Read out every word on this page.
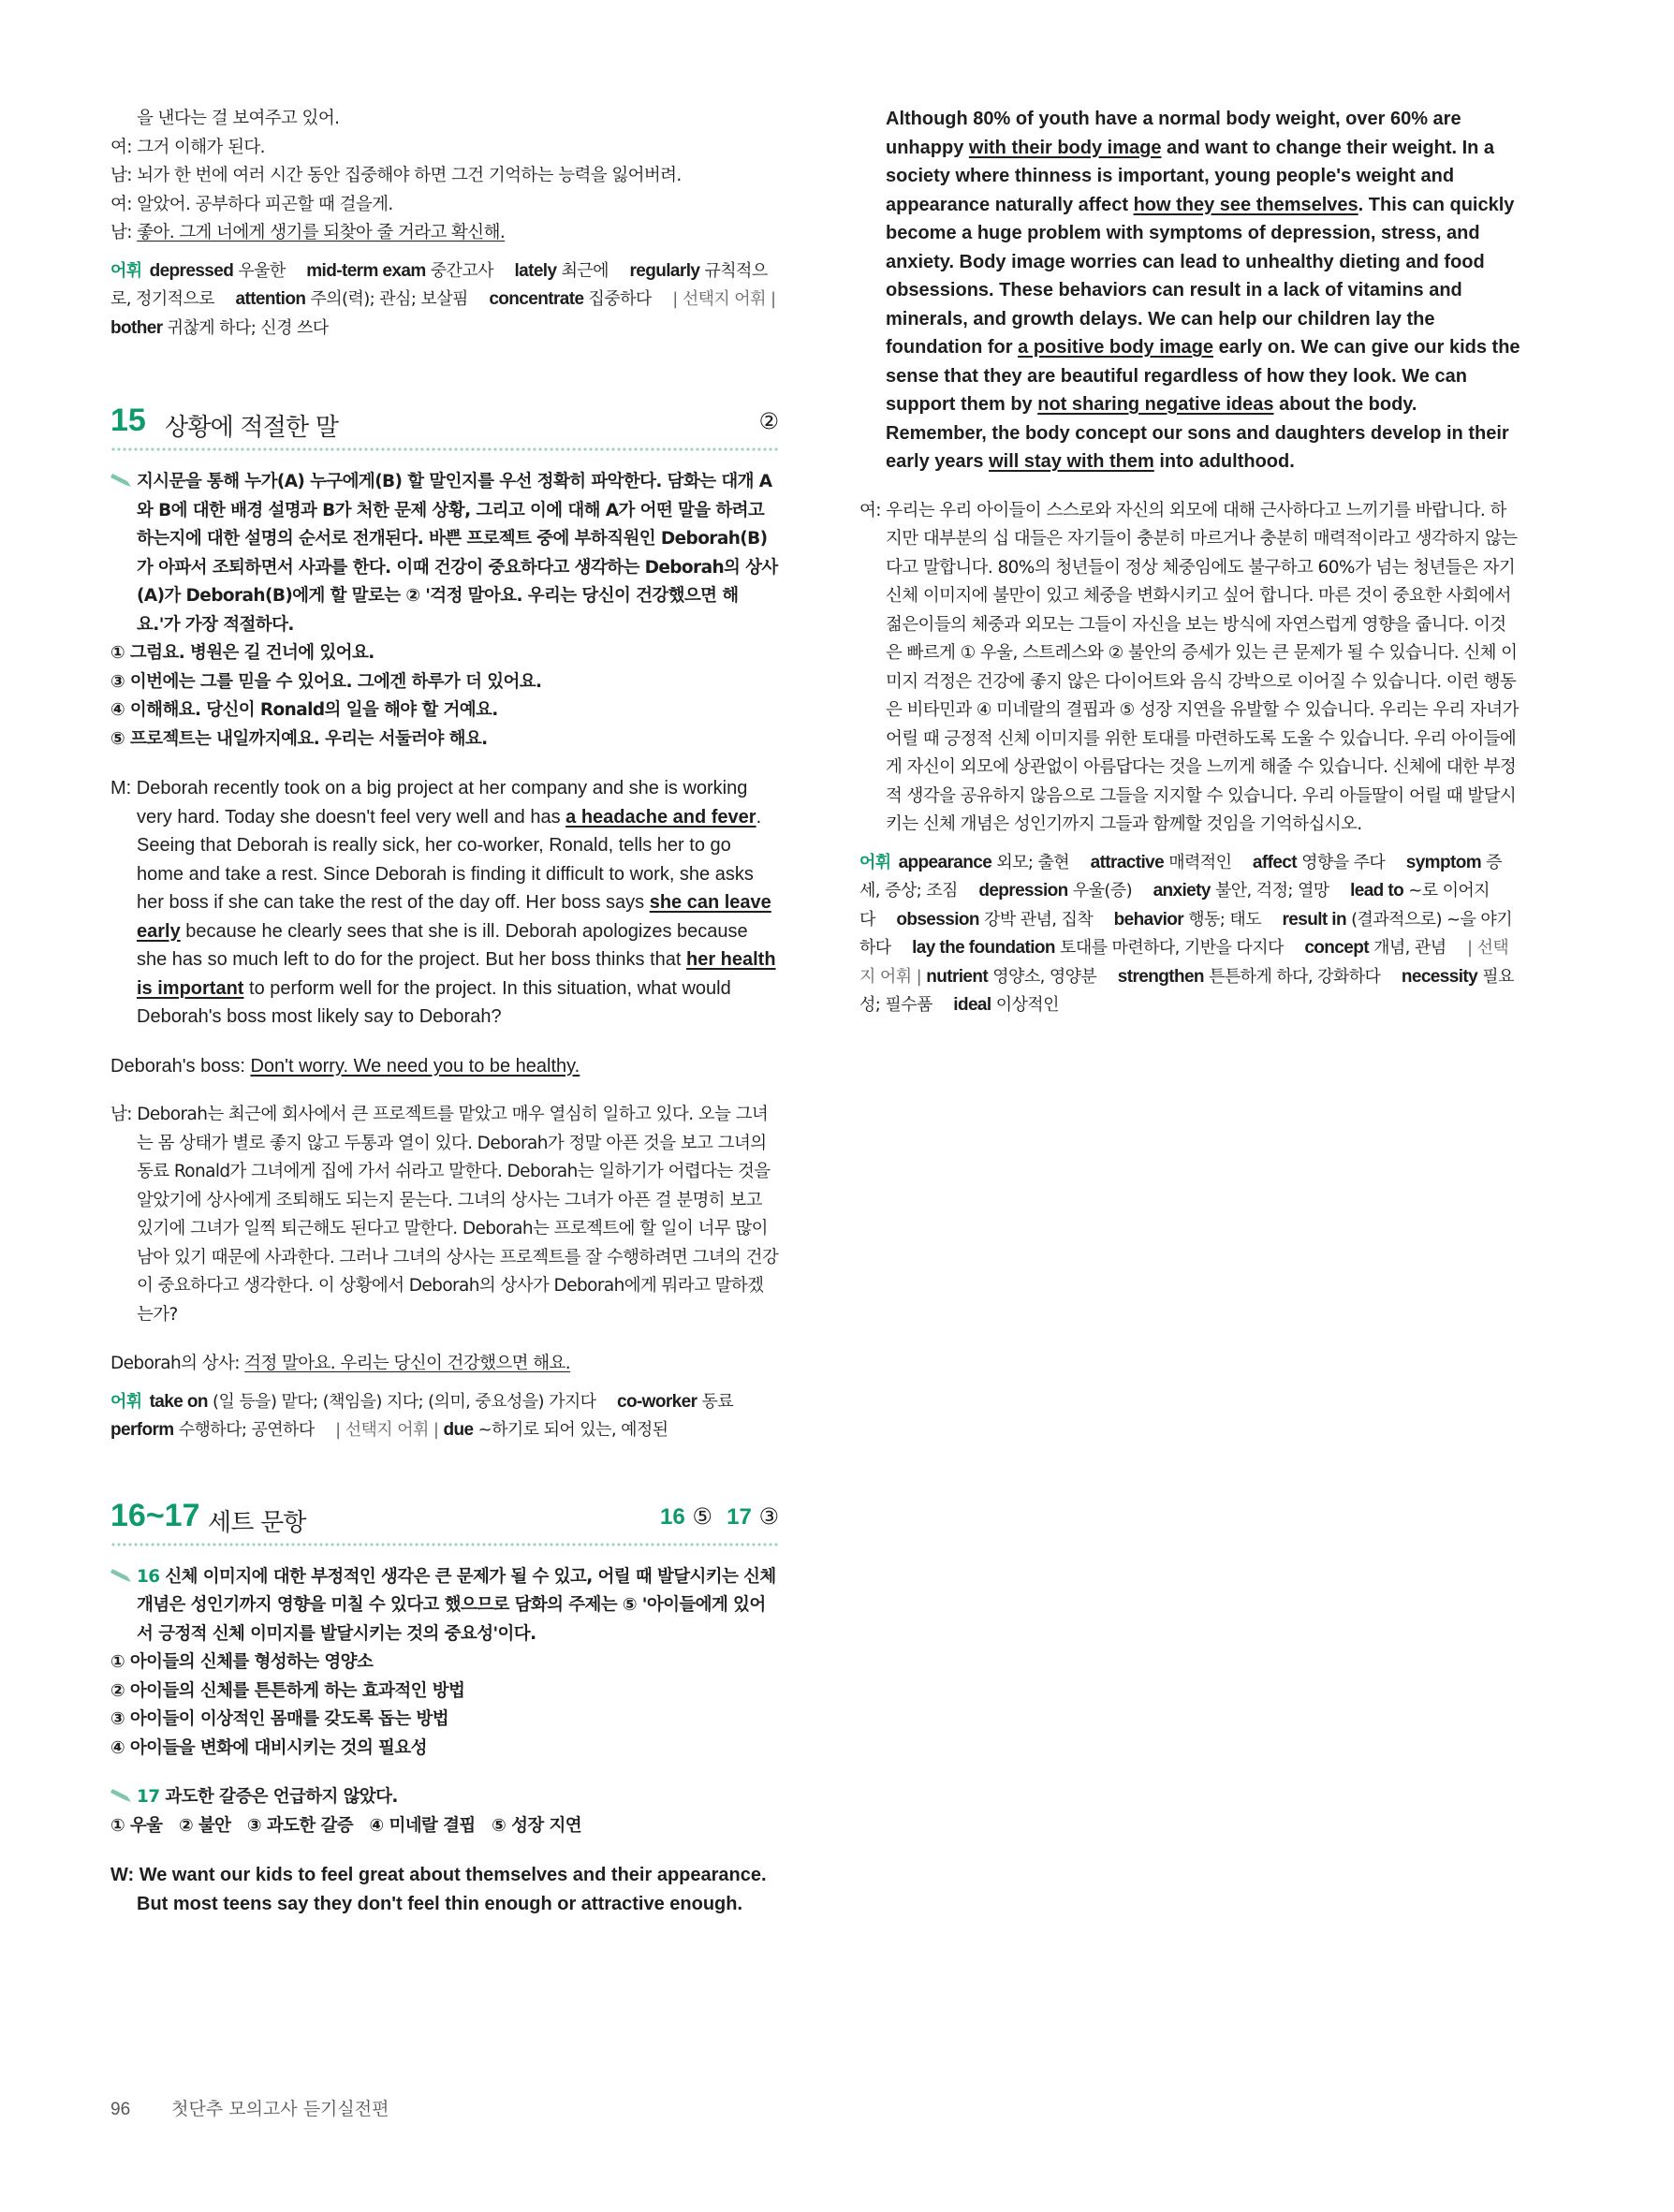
을 낸다는 걸 보여주고 있어.

여: 그거 이해가 된다.

남: 뇌가 한 번에 여러 시간 동안 집중해야 하면 그건 기억하는 능력을 잃어버려.

여: 알았어. 공부하다 피곤할 때 걸을게.

남: 좋아. 그게 너에게 생기를 되찾아 줄 거라고 확신해.

어휘 depressed 우울한  mid-term exam 중간고사  lately 최근에  regularly 규칙적으로, 정기적으로  attention 주의(력); 관심; 보살핌  concentrate 집중하다  | 선택지 어휘 | bother 귀찮게 하다; 신경 쓰다 

15 상황에 적절한 말	②
지시문을 통해 누가(A) 누구에게(B) 할 말인지를 우선 정확히 파악한다. 담화는 대개 A와 B에 대한 배경 설명과 B가 처한 문제 상황, 그리고 이에 대해 A가 어떤 말을 하려고 하는지에 대한 설명의 순서로 전개된다. 바쁜 프로젝트 중에 부하직원인 Deborah(B)가 아파서 조퇴하면서 사과를 한다. 이때 건강이 중요하다고 생각하는 Deborah의 상사(A)가 Deborah(B)에게 할 말로는 ② '걱정 말아요. 우리는 당신이 건강했으면 해요.'가 가장 적절하다.

① 그럼요. 병원은 길 건너에 있어요.

③ 이번에는 그를 믿을 수 있어요. 그에겐 하루가 더 있어요.

④ 이해해요. 당신이 Ronald의 일을 해야 할 거예요.

⑤ 프로젝트는 내일까지예요. 우리는 서둘러야 해요.

M: Deborah recently took on a big project at her company and she is working very hard. Today she doesn't feel very well and has a headache and fever. Seeing that Deborah is really sick, her co-worker, Ronald, tells her to go home and take a rest. Since Deborah is finding it difficult to work, she asks her boss if she can take the rest of the day off. Her boss says she can leave early because he clearly sees that she is ill. Deborah apologizes because she has so much left to do for the project. But her boss thinks that her health is important to perform well for the project. In this situation, what would Deborah's boss most likely say to Deborah?

Deborah's boss: Don't worry. We need you to be healthy.

남: Deborah는 최근에 회사에서 큰 프로젝트를 맡았고 매우 열심히 일하고 있다. 오늘 그녀는 몸 상태가 별로 좋지 않고 두통과 열이 있다. Deborah가 정말 아픈 것을 보고 그녀의 동료 Ronald가 그녀에게 집에 가서 쉬라고 말한다. Deborah는 일하기가 어렵다는 것을 알았기에 상사에게 조퇴해도 되는지 묻는다. 그녀의 상사는 그녀가 아픈 걸 분명히 보고 있기에 그녀가 일찍 퇴근해도 된다고 말한다. Deborah는 프로젝트에 할 일이 너무 많이 남아 있기 때문에 사과한다. 그러나 그녀의 상사는 프로젝트를 잘 수행하려면 그녀의 건강이 중요하다고 생각한다. 이 상황에서 Deborah의 상사가 Deborah에게 뭐라고 말하겠는가?

Deborah의 상사: 걱정 말아요. 우리는 당신이 건강했으면 해요.

어휘 take on (일 등을) 맡다; (책임을) 지다; (의미, 중요성을) 가지다  co-worker 동료  perform 수행하다; 공연하다  | 선택지 어휘 | due ~하기로 되어 있는, 예정된 

16~17 세트 문항	16 ⑤ 17 ③
16 신체 이미지에 대한 부정적인 생각은 큰 문제가 될 수 있고, 어릴 때 발달시키는 신체 개념은 성인기까지 영향을 미칠 수 있다고 했으므로 담화의 주제는 ⑤ '아이들에게 있어서 긍정적 신체 이미지를 발달시키는 것의 중요성'이다.

① 아이들의 신체를 형성하는 영양소

② 아이들의 신체를 튼튼하게 하는 효과적인 방법

③ 아이들이 이상적인 몸매를 갖도록 돕는 방법

④ 아이들을 변화에 대비시키는 것의 필요성

17 과도한 갈증은 언급하지 않았다.

① 우울   ② 불안   ③ 과도한 갈증   ④ 미네랄 결핍   ⑤ 성장 지연

W: We want our kids to feel great about themselves and their appearance. But most teens say they don't feel thin enough or attractive enough.

Although 80% of youth have a normal body weight, over 60% are unhappy with their body image and want to change their weight. In a society where thinness is important, young people's weight and appearance naturally affect how they see themselves. This can quickly become a huge problem with symptoms of depression, stress, and anxiety. Body image worries can lead to unhealthy dieting and food obsessions. These behaviors can result in a lack of vitamins and minerals, and growth delays. We can help our children lay the foundation for a positive body image early on. We can give our kids the sense that they are beautiful regardless of how they look. We can support them by not sharing negative ideas about the body. Remember, the body concept our sons and daughters develop in their early years will stay with them into adulthood.

여: 우리는 우리 아이들이 스스로와 자신의 외모에 대해 근사하다고 느끼기를 바랍니다. 하지만 대부분의 십 대들은 자기들이 충분히 마르거나 충분히 매력적이라고 생각하지 않는다고 말합니다. 80%의 청년들이 정상 체중임에도 불구하고 60%가 넘는 청년들은 자기 신체 이미지에 불만이 있고 체중을 변화시키고 싶어 합니다. 마른 것이 중요한 사회에서 젊은이들의 체중과 외모는 그들이 자신을 보는 방식에 자연스럽게 영향을 줍니다. 이것은 빠르게 ① 우울, 스트레스와 ② 불안의 증세가 있는 큰 문제가 될 수 있습니다. 신체 이미지 걱정은 건강에 좋지 않은 다이어트와 음식 강박으로 이어질 수 있습니다. 이런 행동은 비타민과 ④ 미네랄의 결핍과 ⑤ 성장 지연을 유발할 수 있습니다. 우리는 우리 자녀가 어릴 때 긍정적 신체 이미지를 위한 토대를 마련하도록 도울 수 있습니다. 우리 아이들에게 자신이 외모에 상관없이 아름답다는 것을 느끼게 해줄 수 있습니다. 신체에 대한 부정적 생각을 공유하지 않음으로 그들을 지지할 수 있습니다. 우리 아들딸이 어릴 때 발달시키는 신체 개념은 성인기까지 그들과 함께할 것임을 기억하십시오.

어휘 appearance 외모; 출현  attractive 매력적인  affect 영향을 주다  symptom 증세, 증상; 조짐  depression 우울(증)  anxiety 불안, 걱정; 열망  lead to ~로 이어지다  obsession 강박 관념, 집착  behavior 행동; 태도  result in (결과적으로) ~을 야기하다  lay the foundation 토대를 마련하다, 기반을 다지다  concept 개념, 관념  | 선택지 어휘 | nutrient 영양소, 영양분  strengthen 튼튼하게 하다, 강화하다  necessity 필요성; 필수품  ideal 이상적인 

96 첫단추 모의고사 듣기실전편
